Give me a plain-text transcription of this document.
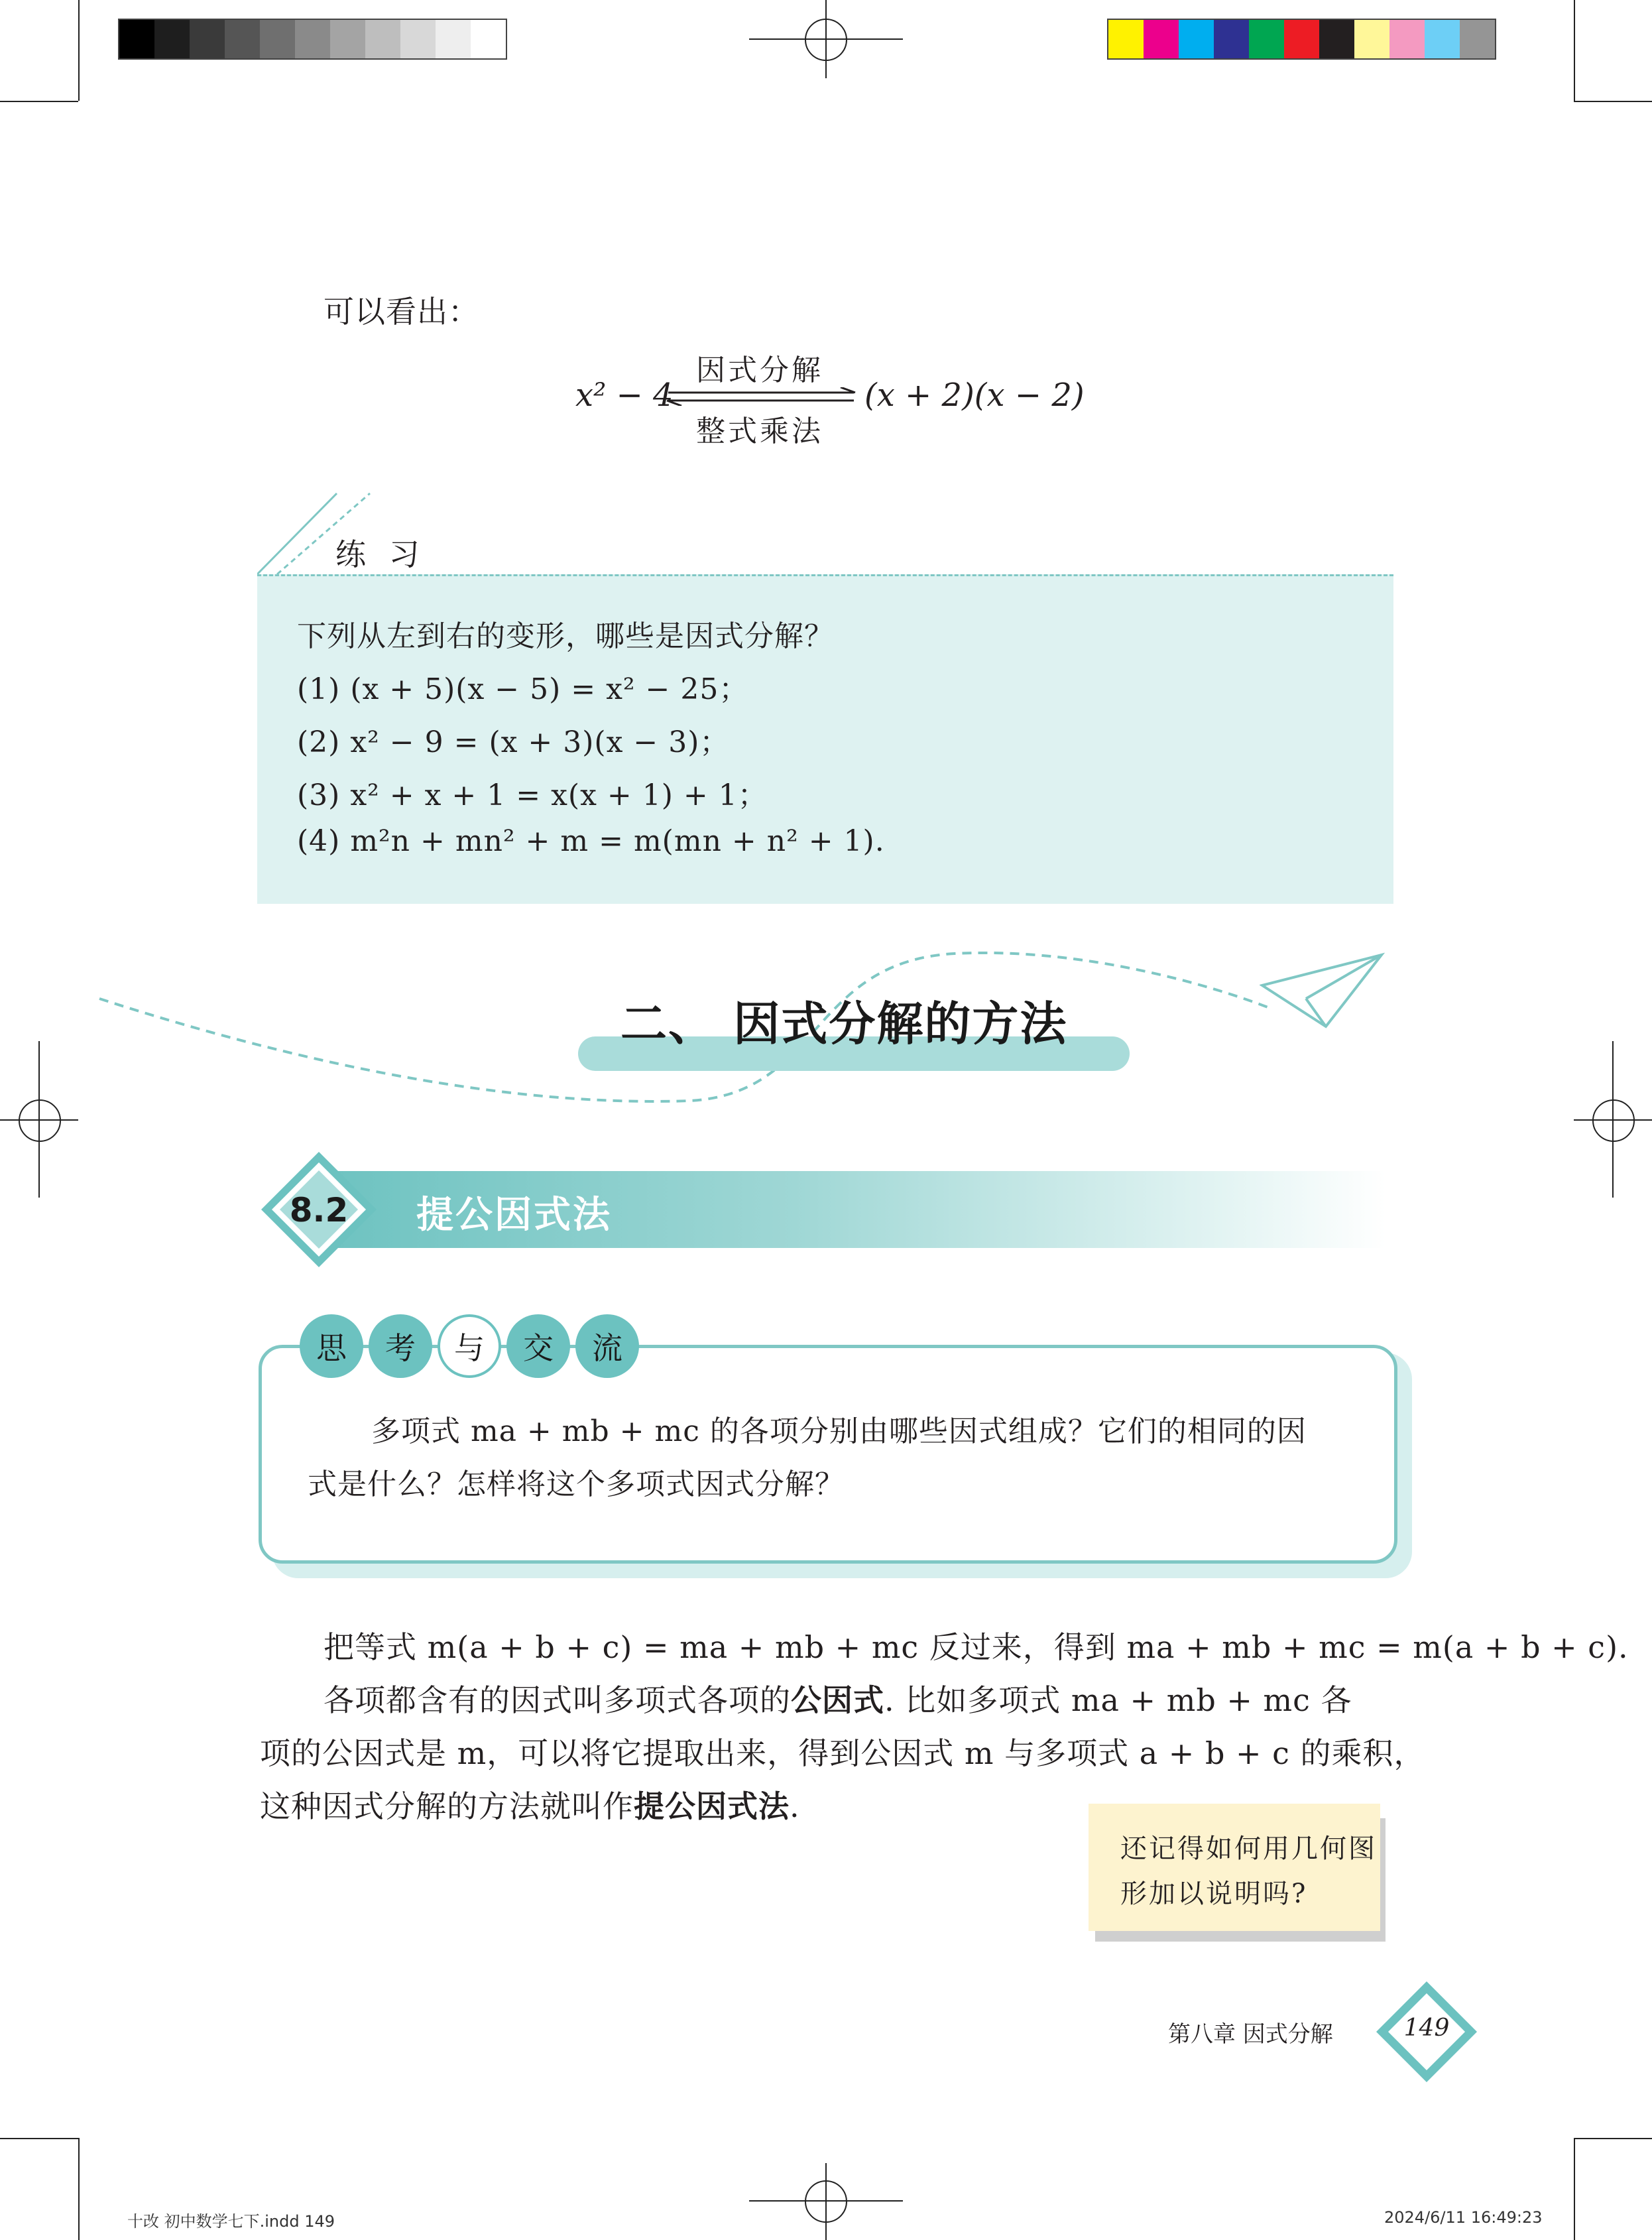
可以看出：
x² − 4
因式分解
整式乘法
(x + 2)(x − 2)
练 习
下列从左到右的变形，哪些是因式分解？
(1) (x + 5)(x − 5) = x² − 25；
(2) x² − 9 = (x + 3)(x − 3)；
(3) x² + x + 1 = x(x + 1) + 1；
(4) m²n + mn² + m = m(mn + n² + 1).
二、 因式分解的方法
8.2	提公因式法
思	考	与	交	流
多项式 ma + mb + mc 的各项分别由哪些因式组成？它们的相同的因
式是什么？怎样将这个多项式因式分解？
把等式 m(a + b + c) = ma + mb + mc 反过来，得到 ma + mb + mc = m(a + b + c).
各项都含有的因式叫多项式各项的公因式. 比如多项式 ma + mb + mc 各
项的公因式是 m，可以将它提取出来，得到公因式 m 与多项式 a + b + c 的乘积，
这种因式分解的方法就叫作提公因式法.
还记得如何用几何图
形加以说明吗?
第八章 因式分解	149
十改 初中数学七下.indd 149	2024/6/11 16:49:23
